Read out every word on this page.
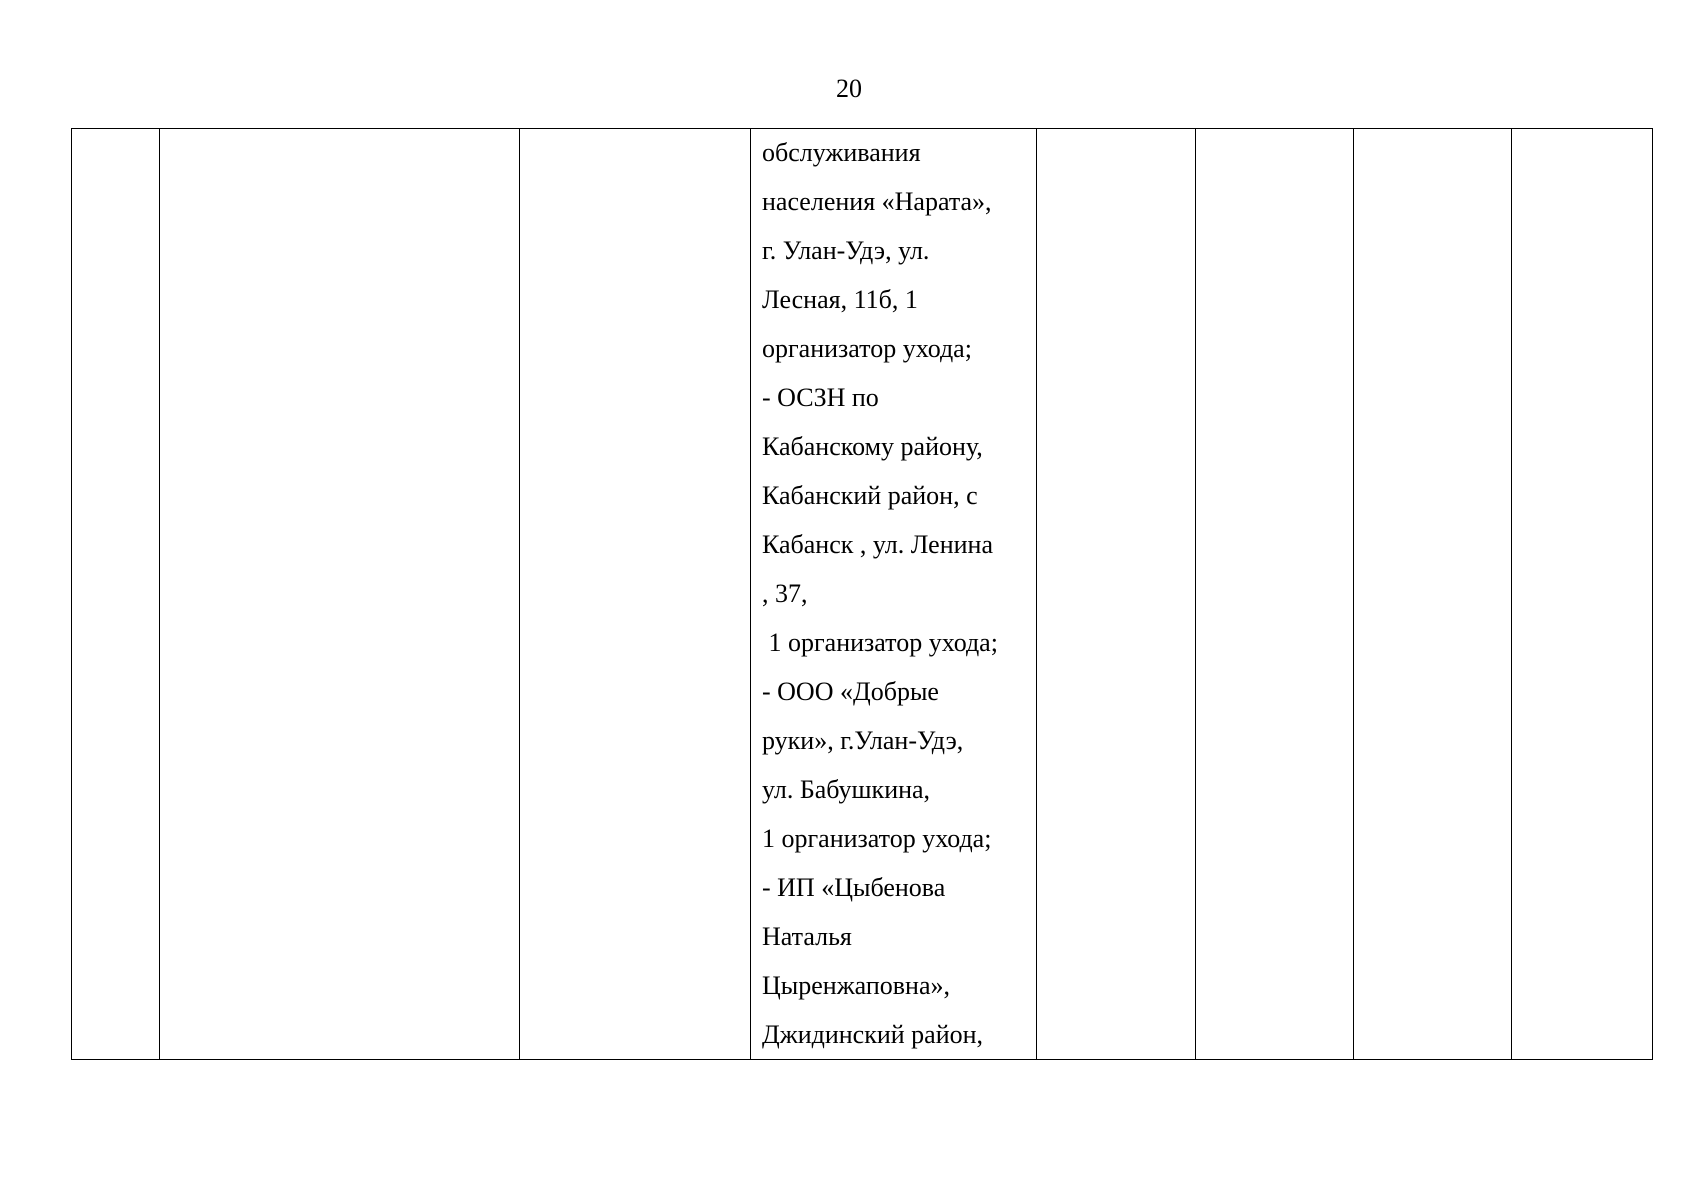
20

обслуживания
населения «Нарата»,
г. Улан-Удэ, ул.
Лесная, 11б, 1
организатор ухода;
- ОСЗН по
Кабанскому району,
Кабанский район, с
Кабанск , ул. Ленина
, 37,
1 организатор ухода;
- ООО «Добрые
руки», г.Улан-Удэ,
ул. Бабушкина,
1 организатор ухода;
- ИП «Цыбенова
Наталья
Цыренжаповна»,
Джидинский район,
